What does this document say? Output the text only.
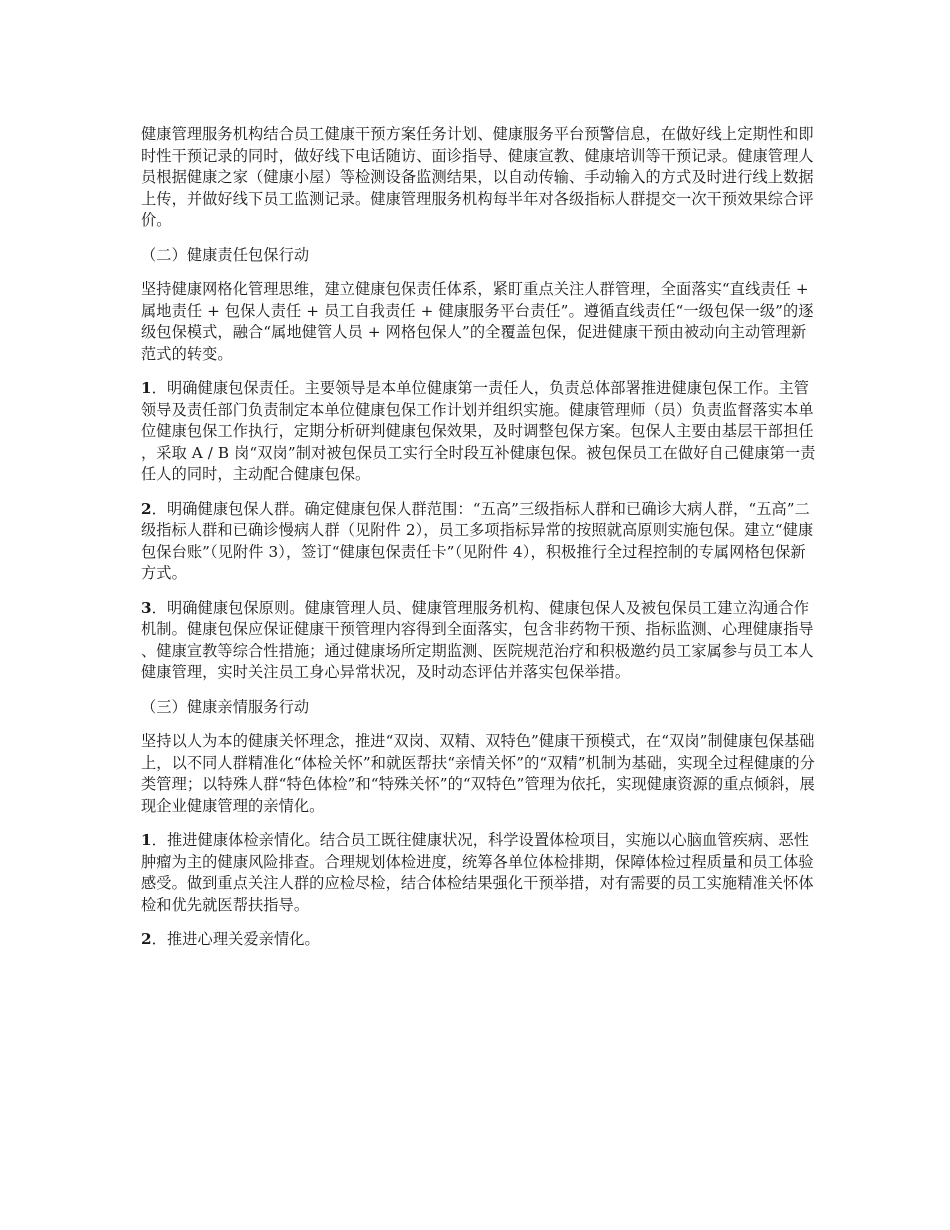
健康管理服务机构结合员工健康干预方案任务计划、健康服务平台预警信息，在做好线上定期性和即时性干预记录的同时，做好线下电话随访、面诊指导、健康宣教、健康培训等干预记录。健康管理人员根据健康之家（健康小屋）等检测设备监测结果，以自动传输、手动输入的方式及时进行线上数据上传，并做好线下员工监测记录。健康管理服务机构每半年对各级指标人群提交一次干预效果综合评价。

（二）健康责任包保行动

坚持健康网格化管理思维，建立健康包保责任体系，紧盯重点关注人群管理，全面落实“直线责任 + 属地责任 + 包保人责任 + 员工自我责任 + 健康服务平台责任”。遵循直线责任“一级包保一级”的逐级包保模式，融合“属地健管人员 + 网格包保人”的全覆盖包保，促进健康干预由被动向主动管理新范式的转变。

1．明确健康包保责任。主要领导是本单位健康第一责任人，负责总体部署推进健康包保工作。主管领导及责任部门负责制定本单位健康包保工作计划并组织实施。健康管理师（员）负责监督落实本单位健康包保工作执行，定期分析研判健康包保效果，及时调整包保方案。包保人主要由基层干部担任，采取 A / B 岗“双岗”制对被包保员工实行全时段互补健康包保。被包保员工在做好自己健康第一责任人的同时，主动配合健康包保。

2．明确健康包保人群。确定健康包保人群范围：“五高”三级指标人群和已确诊大病人群，“五高”二级指标人群和已确诊慢病人群（见附件 2），员工多项指标异常的按照就高原则实施包保。建立“健康包保台账”（见附件 3），签订“健康包保责任卡”（见附件 4），积极推行全过程控制的专属网格包保新方式。

3．明确健康包保原则。健康管理人员、健康管理服务机构、健康包保人及被包保员工建立沟通合作机制。健康包保应保证健康干预管理内容得到全面落实，包含非药物干预、指标监测、心理健康指导、健康宣教等综合性措施；通过健康场所定期监测、医院规范治疗和积极邀约员工家属参与员工本人健康管理，实时关注员工身心异常状况，及时动态评估并落实包保举措。

（三）健康亲情服务行动

坚持以人为本的健康关怀理念，推进“双岗、双精、双特色”健康干预模式，在“双岗”制健康包保基础上，以不同人群精准化“体检关怀”和就医帮扶“亲情关怀”的“双精”机制为基础，实现全过程健康的分类管理；以特殊人群“特色体检”和“特殊关怀”的“双特色”管理为依托，实现健康资源的重点倾斜，展现企业健康管理的亲情化。

1．推进健康体检亲情化。结合员工既往健康状况，科学设置体检项目，实施以心脑血管疾病、恶性肿瘤为主的健康风险排查。合理规划体检进度，统筹各单位体检排期，保障体检过程质量和员工体验感受。做到重点关注人群的应检尽检，结合体检结果强化干预举措，对有需要的员工实施精准关怀体检和优先就医帮扶指导。

2．推进心理关爱亲情化。
